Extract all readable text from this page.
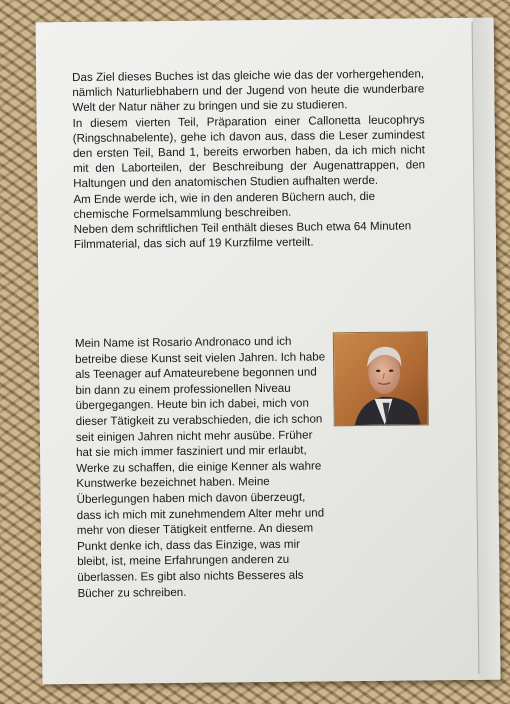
Das Ziel dieses Buches ist das gleiche wie das der vorhergehenden, nämlich Naturliebhabern und der Jugend von heute die wunderbare Welt der Natur näher zu bringen und sie zu studieren.

In diesem vierten Teil, Präparation einer Callonetta leucophrys (Ringschnabelente), gehe ich davon aus, dass die Leser zumindest den ersten Teil, Band 1, bereits erworben haben, da ich mich nicht mit den Laborteilen, der Beschreibung der Augenattrappen, den Haltungen und den anatomischen Studien aufhalten werde.

Am Ende werde ich, wie in den anderen Büchern auch, die chemische Formelsammlung beschreiben.

Neben dem schriftlichen Teil enthält dieses Buch etwa 64 Minuten Filmmaterial, das sich auf 19 Kurzfilme verteilt.

Mein Name ist Rosario Andronaco und ich betreibe diese Kunst seit vielen Jahren. Ich habe als Teenager auf Amateurebene begonnen und bin dann zu einem professionellen Niveau übergegangen. Heute bin ich dabei, mich von dieser Tätigkeit zu verabschieden, die ich schon seit einigen Jahren nicht mehr ausübe. Früher hat sie mich immer fasziniert und mir erlaubt, Werke zu schaffen, die einige Kenner als wahre Kunstwerke bezeichnet haben. Meine Überlegungen haben mich davon überzeugt, dass ich mich mit zunehmendem Alter mehr und mehr von dieser Tätigkeit entferne. An diesem Punkt denke ich, dass das Einzige, was mir bleibt, ist, meine Erfahrungen anderen zu überlassen. Es gibt also nichts Besseres als Bücher zu schreiben.
